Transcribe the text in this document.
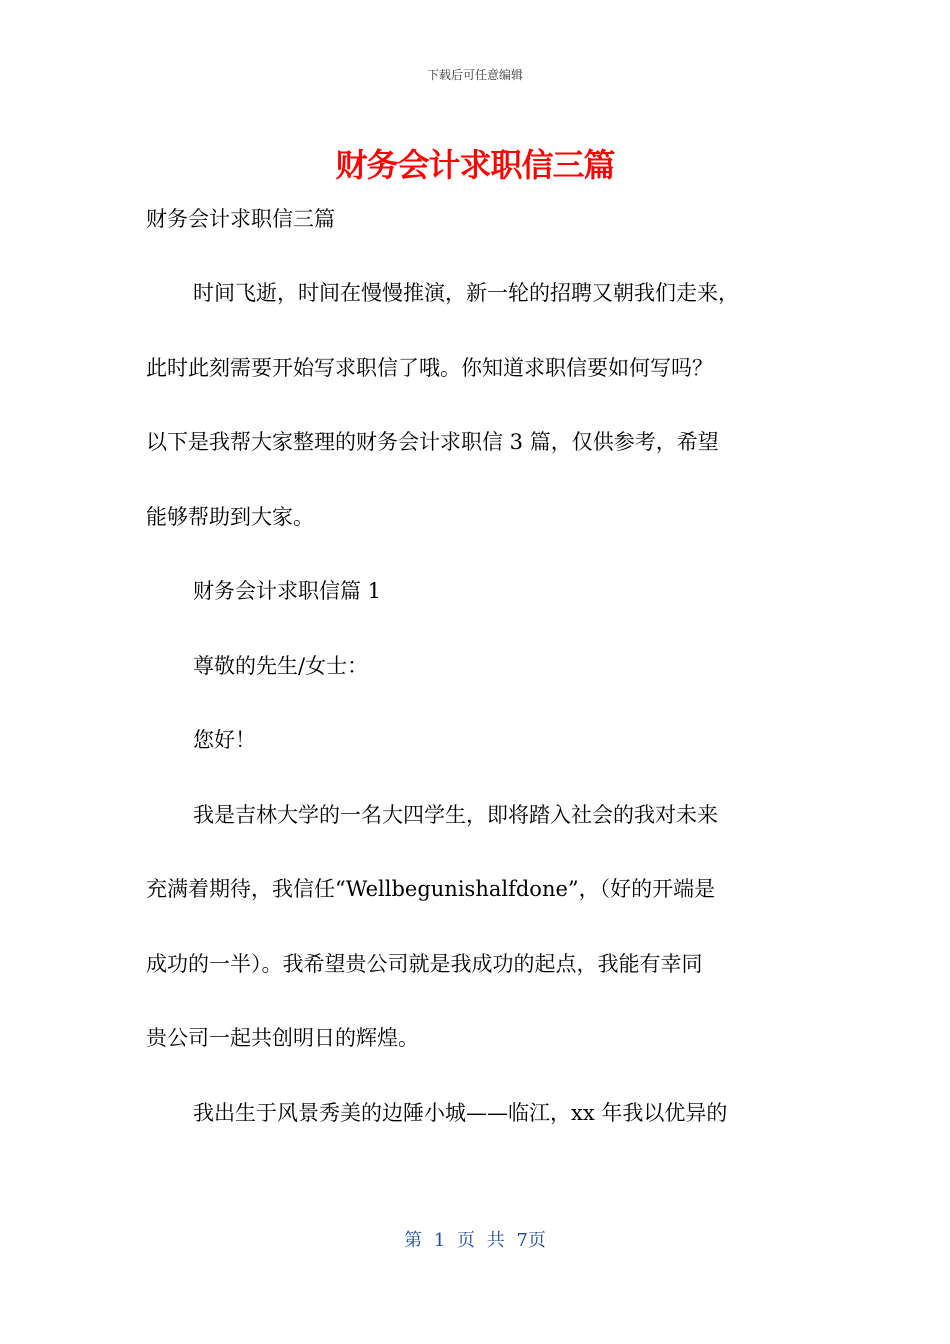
下载后可任意编辑
财务会计求职信三篇
财务会计求职信三篇
时间飞逝，时间在慢慢推演，新一轮的招聘又朝我们走来，
此时此刻需要开始写求职信了哦。你知道求职信要如何写吗？
以下是我帮大家整理的财务会计求职信 3 篇，仅供参考，希望
能够帮助到大家。
财务会计求职信篇 1
尊敬的先生/女士：
您好！
我是吉林大学的一名大四学生，即将踏入社会的我对未来
充满着期待，我信任“Wellbegunishalfdone”，（好的开端是
成功的一半）。我希望贵公司就是我成功的起点，我能有幸同
贵公司一起共创明日的辉煌。
我出生于风景秀美的边陲小城——临江，xx 年我以优异的
第 1 页 共 7页
